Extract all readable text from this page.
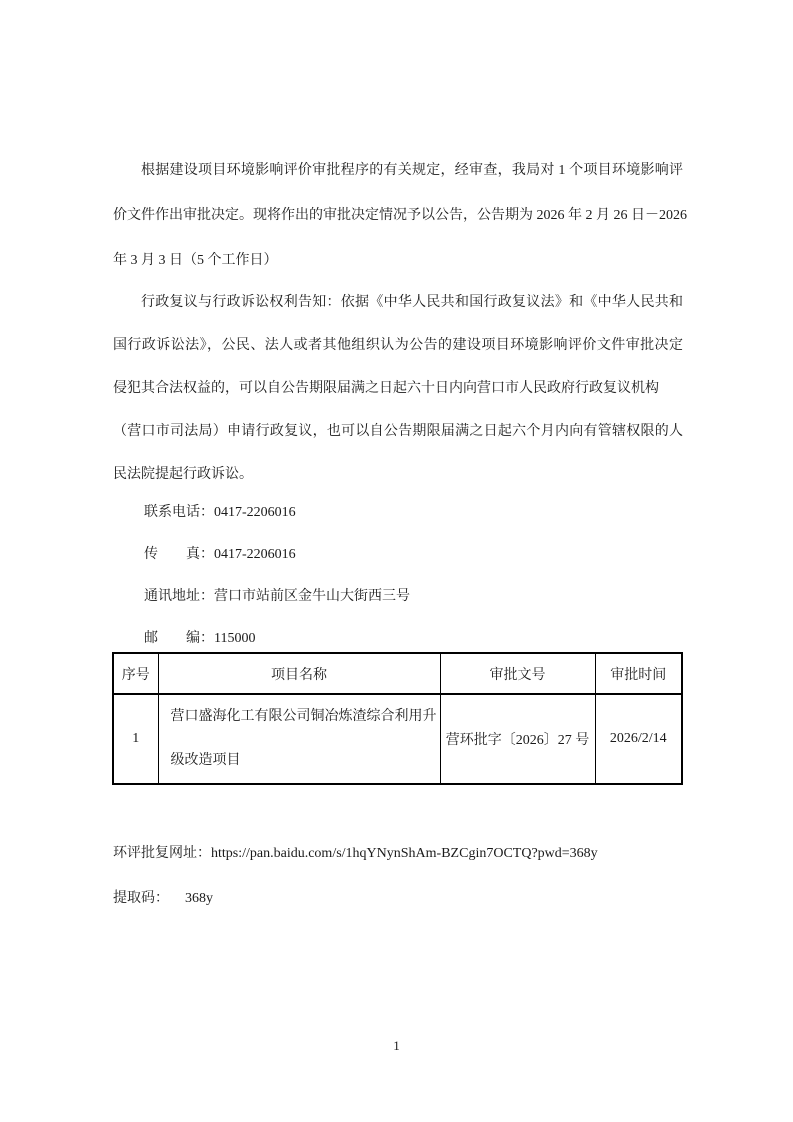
根据建设项目环境影响评价审批程序的有关规定，经审查，我局对 1 个项目环境影响评
价文件作出审批决定。现将作出的审批决定情况予以公告，公告期为 2026 年 2 月 26 日－2026
年 3 月 3 日（5 个工作日）
行政复议与行政诉讼权利告知：依据《中华人民共和国行政复议法》和《中华人民共和
国行政诉讼法》，公民、法人或者其他组织认为公告的建设项目环境影响评价文件审批决定
侵犯其合法权益的，可以自公告期限届满之日起六十日内向营口市人民政府行政复议机构
（营口市司法局）申请行政复议，也可以自公告期限届满之日起六个月内向有管辖权限的人
民法院提起行政诉讼。
联系电话：0417-2206016
传　　真：0417-2206016
通讯地址：营口市站前区金牛山大街西三号
邮　　编：115000
序号	项目名称	审批文号	审批时间
1	营口盛海化工有限公司铜冶炼渣综合利用升级改造项目	营环批字〔2026〕27 号	2026/2/14
环评批复网址：https://pan.baidu.com/s/1hqYNynShAm-BZCgin7OCTQ?pwd=368y
提取码： 368y
1
